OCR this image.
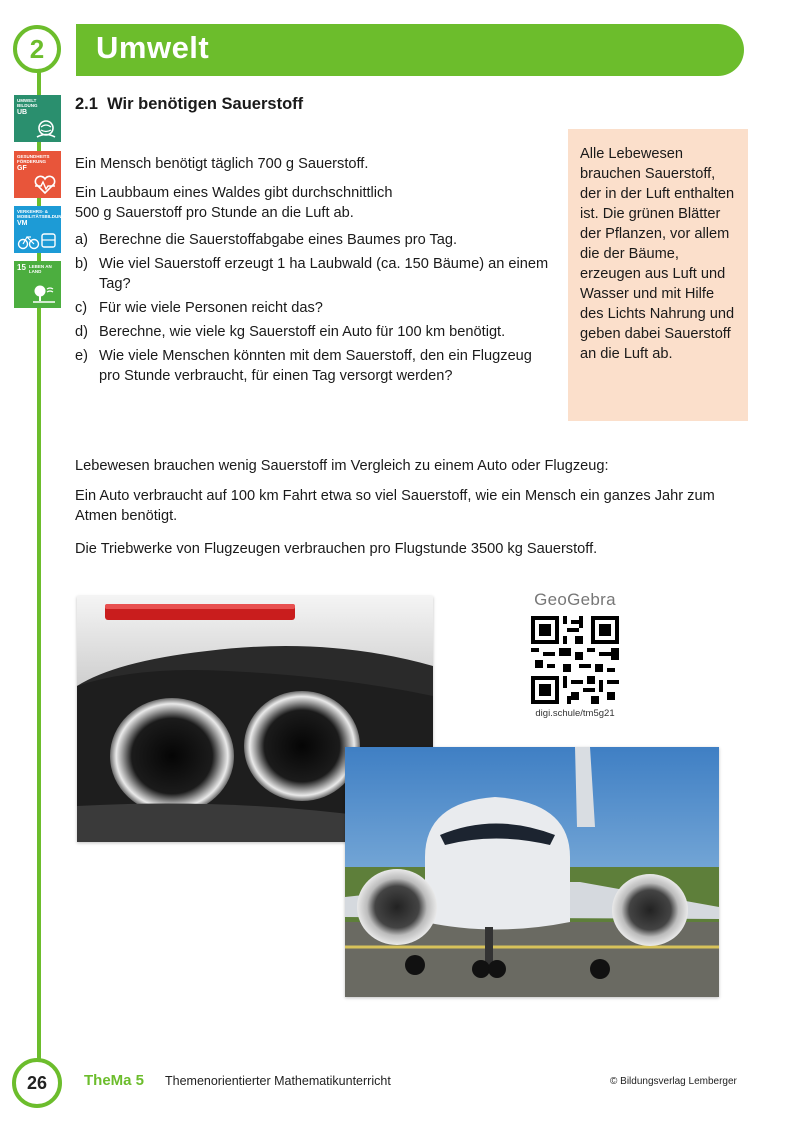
2	Umwelt
UMWELT BILDUNG
UB
GESUNDHEITS FÖRDERUNG
GF
VERKEHRS- & MOBILITÄTSBILDUNG
VM
15 LEBEN AN LAND
2.1 Wir benötigen Sauerstoff
Ein Mensch benötigt täglich 700 g Sauerstoff.
Ein Laubbaum eines Waldes gibt durchschnittlich
500 g Sauerstoff pro Stunde an die Luft ab.
a) Berechne die Sauerstoffabgabe eines Baumes pro Tag.
b) Wie viel Sauerstoff erzeugt 1 ha Laubwald (ca. 150 Bäume) an einem Tag?
c) Für wie viele Personen reicht das?
d) Berechne, wie viele kg Sauerstoff ein Auto für 100 km benötigt.
e) Wie viele Menschen könnten mit dem Sauerstoff, den ein Flugzeug pro Stunde verbraucht, für einen Tag versorgt werden?
Alle Lebewesen brauchen Sauerstoff, der in der Luft enthalten ist. Die grünen Blätter der Pflanzen, vor allem die der Bäume, erzeugen aus Luft und Wasser und mit Hilfe des Lichts Nahrung und geben dabei Sauerstoff an die Luft ab.
Lebewesen brauchen wenig Sauerstoff im Vergleich zu einem Auto oder Flugzeug:
Ein Auto verbraucht auf 100 km Fahrt etwa so viel Sauerstoff, wie ein Mensch ein ganzes Jahr zum Atmen benötigt.
Die Triebwerke von Flugzeugen verbrauchen pro Flugstunde 3500 kg Sauerstoff.
GeoGebra
digi.schule/tm5g21
26	TheMa 5 Themenorientierter Mathematikunterricht	© Bildungsverlag Lemberger
